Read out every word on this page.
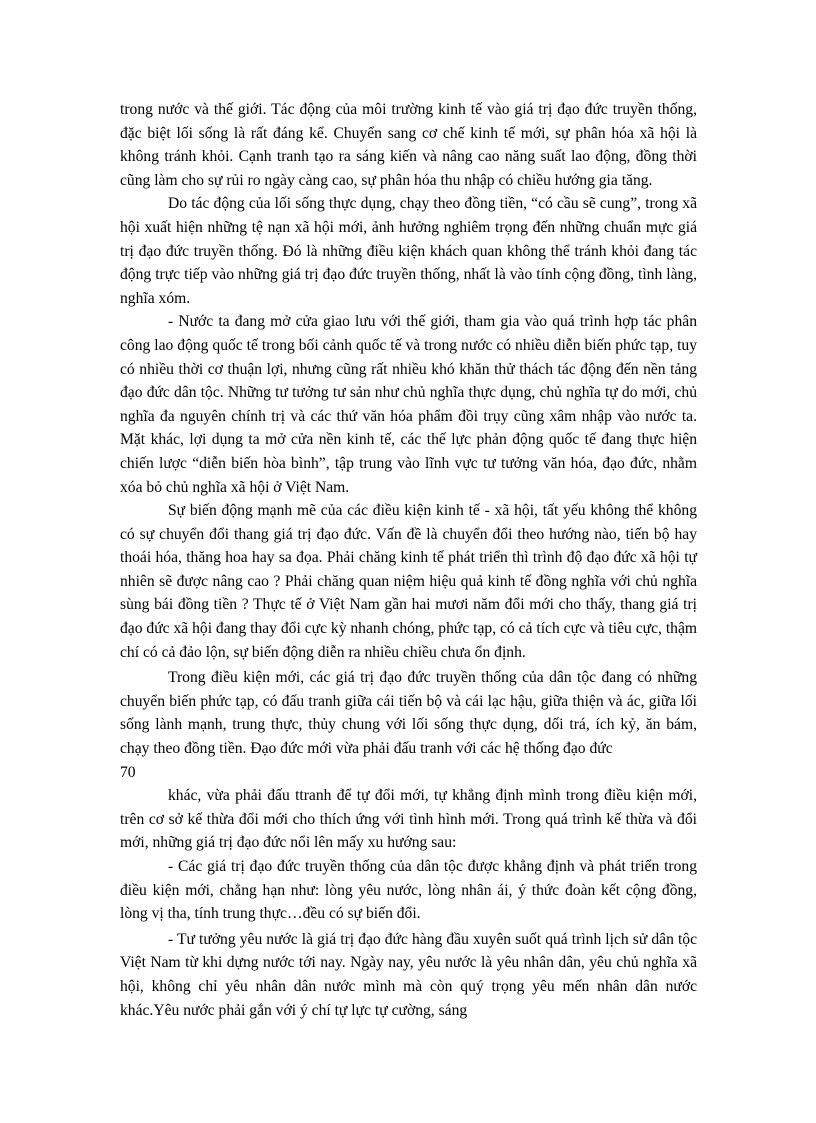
trong nước và thế giới. Tác động của môi trường kinh tế vào giá trị đạo đức truyền thống, đặc biệt lối sống là rất đáng kể. Chuyển sang cơ chế kinh tế mới, sự phân hóa xã hội là không tránh khỏi. Cạnh tranh tạo ra sáng kiến và nâng cao năng suất lao động, đồng thời cũng làm cho sự rủi ro ngày càng cao, sự phân hóa thu nhập có chiều hướng gia tăng.

Do tác động của lối sống thực dụng, chạy theo đồng tiền, “có cầu sẽ cung”, trong xã hội xuất hiện những tệ nạn xã hội mới, ảnh hưởng nghiêm trọng đến những chuẩn mực giá trị đạo đức truyền thống. Đó là những điều kiện khách quan không thể tránh khỏi đang tác động trực tiếp vào những giá trị đạo đức truyền thống, nhất là vào tính cộng đồng, tình làng, nghĩa xóm.

- Nước ta đang mở cửa giao lưu với thế giới, tham gia vào quá trình hợp tác phân công lao động quốc tế trong bối cảnh quốc tế và trong nước có nhiều diễn biến phức tạp, tuy có nhiều thời cơ thuận lợi, nhưng cũng rất nhiều khó khăn thử thách tác động đến nền tảng đạo đức dân tộc. Những tư tưởng tư sản như chủ nghĩa thực dụng, chủ nghĩa tự do mới, chủ nghĩa đa nguyên chính trị và các thứ văn hóa phẩm đồi trụy cũng xâm nhập vào nước ta. Mặt khác, lợi dụng ta mở cửa nền kinh tế, các thế lực phản động quốc tế đang thực hiện chiến lược “diễn biến hòa bình”, tập trung vào lĩnh vực tư tưởng văn hóa, đạo đức, nhằm xóa bỏ chủ nghĩa xã hội ở Việt Nam.

Sự biến động mạnh mẽ của các điều kiện kinh tế - xã hội, tất yếu không thể không có sự chuyển đổi thang giá trị đạo đức. Vấn đề là chuyển đổi theo hướng nào, tiến bộ hay thoái hóa, thăng hoa hay sa đọa. Phải chăng kinh tế phát triển thì trình độ đạo đức xã hội tự nhiên sẽ được nâng cao ? Phải chăng quan niệm hiệu quả kinh tế đồng nghĩa với chủ nghĩa sùng bái đồng tiền ? Thực tế ở Việt Nam gần hai mươi năm đổi mới cho thấy, thang giá trị đạo đức xã hội đang thay đổi cực kỳ nhanh chóng, phức tạp, có cả tích cực và tiêu cực, thậm chí có cả đảo lộn, sự biến động diễn ra nhiều chiều chưa ổn định.

Trong điều kiện mới, các giá trị đạo đức truyền thống của dân tộc đang có những chuyển biến phức tạp, có đấu tranh giữa cái tiến bộ và cái lạc hậu, giữa thiện và ác, giữa lối sống lành mạnh, trung thực, thủy chung với lối sống thực dụng, dối trá, ích kỷ, ăn bám, chạy theo đồng tiền. Đạo đức mới vừa phải đấu tranh với các hệ thống đạo đức

70

khác, vừa phải đấu ttranh để tự đổi mới, tự khẳng định mình trong điều kiện mới, trên cơ sở kế thừa đổi mới cho thích ứng với tình hình mới. Trong quá trình kế thừa và đổi mới, những giá trị đạo đức nổi lên mấy xu hướng sau:

- Các giá trị đạo đức truyền thống của dân tộc được khẳng định và phát triển trong điều kiện mới, chẳng hạn như: lòng yêu nước, lòng nhân ái, ý thức đoàn kết cộng đồng, lòng vị tha, tính trung thực…đều có sự biến đổi.

- Tư tưởng yêu nước là giá trị đạo đức hàng đầu xuyên suốt quá trình lịch sử dân tộc Việt Nam từ khi dựng nước tới nay. Ngày nay, yêu nước là yêu nhân dân, yêu chủ nghĩa xã hội, không chỉ yêu nhân dân nước mình mà còn quý trọng yêu mến nhân dân nước khác.Yêu nước phải gắn với ý chí tự lực tự cường, sáng
